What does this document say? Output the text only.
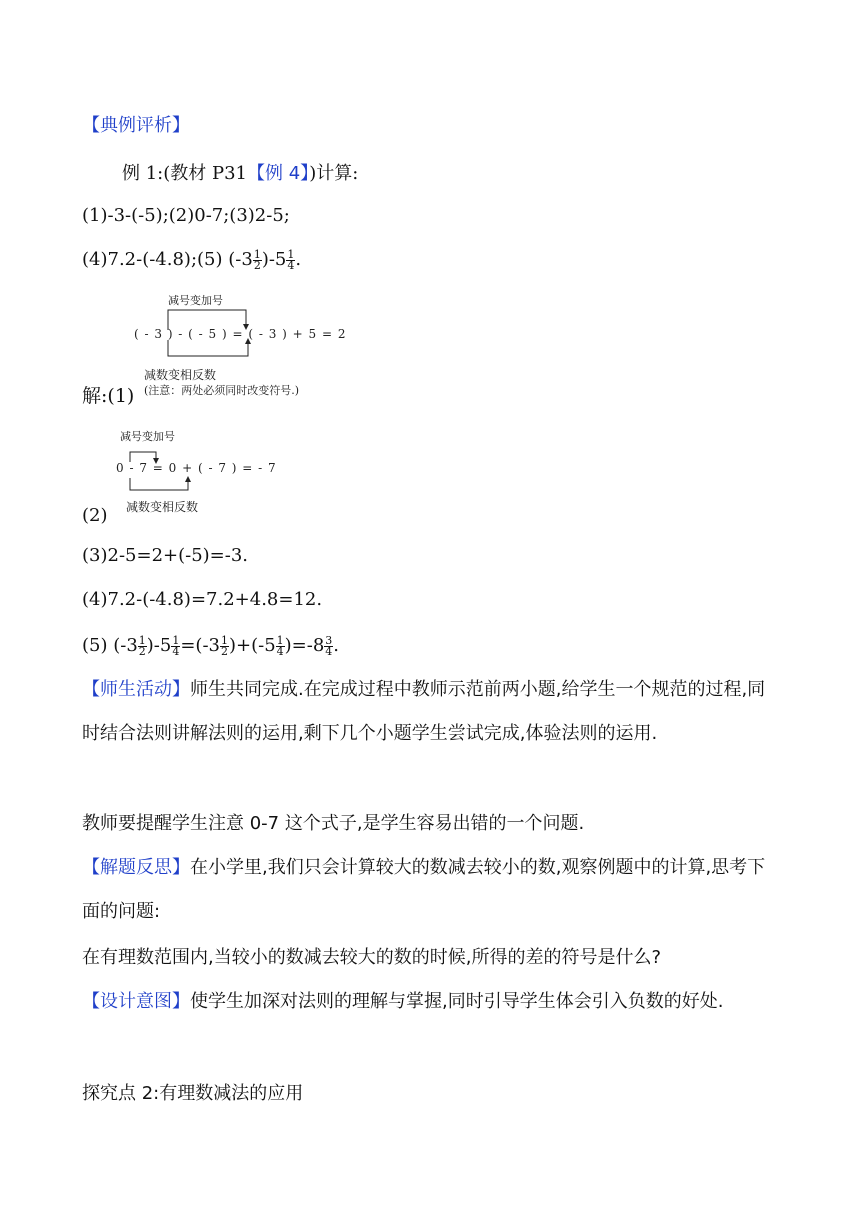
【典例评析】
例 1:(教材 P31【例 4】)计算:
(1)-3-(-5);(2)0-7;(3)2-5;
(4)7.2-(-4.8);(5) $(-3 \frac{1}{2} )-5 \frac{1}{4}$ .
减号变加号
( - 3 ) - ( - 5 ) = ( - 3 ) + 5 = 2
减数变相反数
(注意：两处必须同时改变符号.)
解:(1)
减号变加号
0 - 7 = 0 + ( - 7 ) = - 7
减数变相反数
(2)
(3)2-5=2+(-5)=-3.
(4)7.2-(-4.8)=7.2+4.8=12.
(5) $(-3 \frac{1}{2} )-5 \frac{1}{4} =(-3 \frac{1}{2} )+(-5 \frac{1}{4} )=-8 \frac{3}{4}$ .
【师生活动】师生共同完成.在完成过程中教师示范前两小题,给学生一个规范的过程,同时结合法则讲解法则的运用,剩下几个小题学生尝试完成,体验法则的运用.
教师要提醒学生注意 0-7 这个式子,是学生容易出错的一个问题.
【解题反思】在小学里,我们只会计算较大的数减去较小的数,观察例题中的计算,思考下面的问题:
在有理数范围内,当较小的数减去较大的数的时候,所得的差的符号是什么?
【设计意图】使学生加深对法则的理解与掌握,同时引导学生体会引入负数的好处.
探究点 2:有理数减法的应用
